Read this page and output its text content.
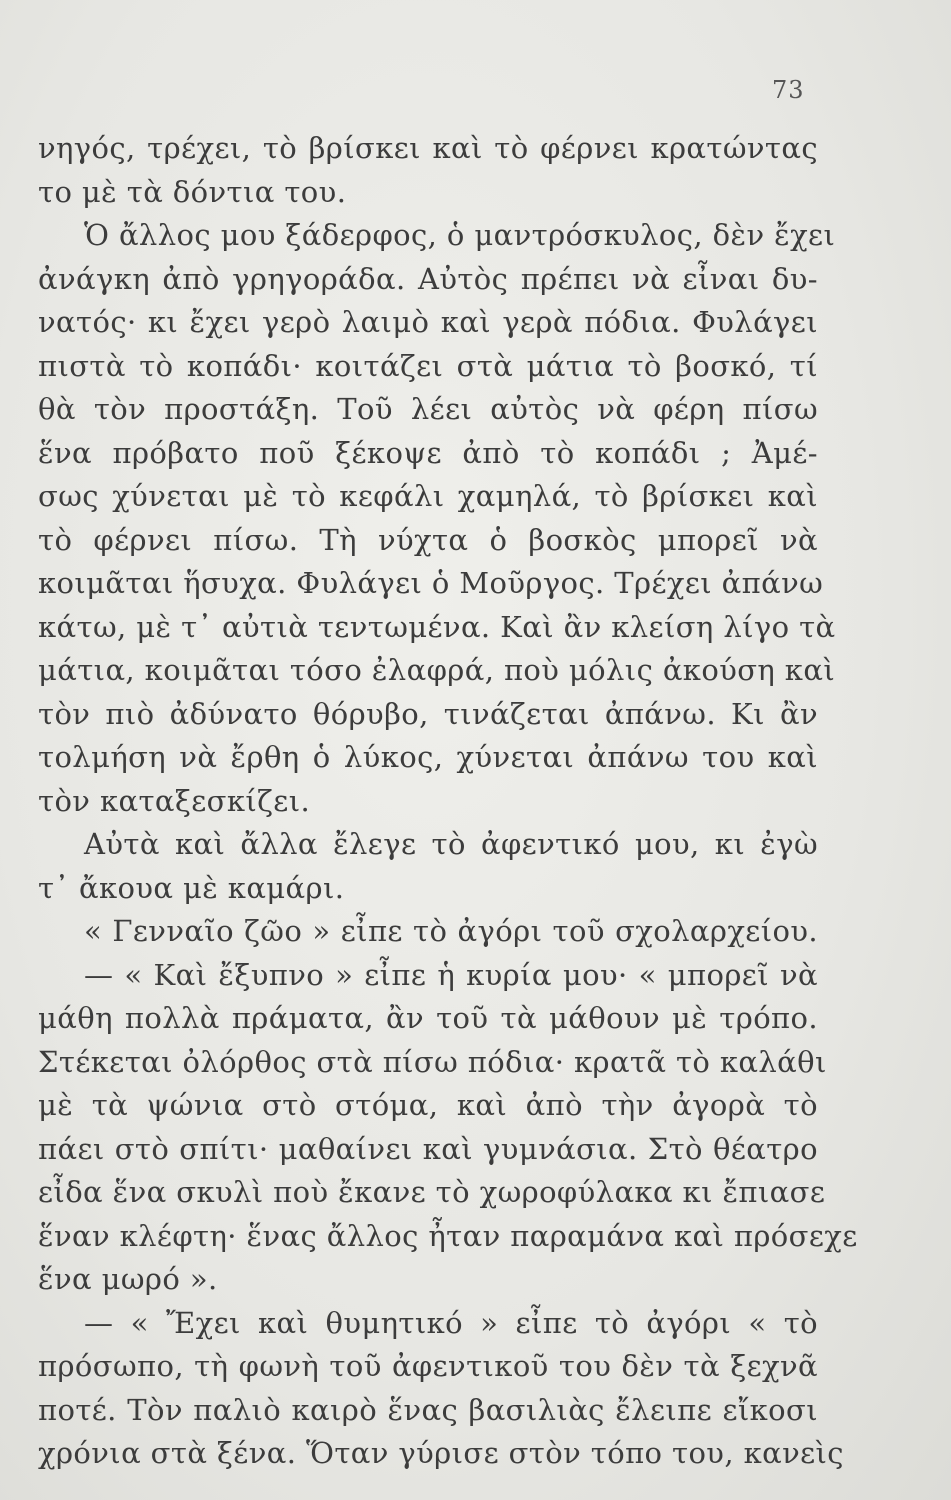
73
νηγός, τρέχει, τὸ βρίσκει καὶ τὸ φέρνει κρατώντας
το μὲ τὰ δόντια του.
Ὁ ἄλλος μου ξάδερφος, ὁ μαντρόσκυλος, δὲν ἔχει
ἀνάγκη ἀπὸ γρηγοράδα. Αὐτὸς πρέπει νὰ εἶναι δυ-
νατός· κι ἔχει γερὸ λαιμὸ καὶ γερὰ πόδια. Φυλάγει
πιστὰ τὸ κοπάδι· κοιτάζει στὰ μάτια τὸ βοσκό, τί
θὰ τὸν προστάξη. Τοῦ λέει αὐτὸς νὰ φέρη πίσω
ἕνα πρόβατο ποῦ ξέκοψε ἀπὸ τὸ κοπάδι ; Ἀμέ-
σως χύνεται μὲ τὸ κεφάλι χαμηλά, τὸ βρίσκει καὶ
τὸ φέρνει πίσω. Τὴ νύχτα ὁ βοσκὸς μπορεῖ νὰ
κοιμᾶται ἥσυχα. Φυλάγει ὁ Μοῦργος. Τρέχει ἀπάνω
κάτω, μὲ τ᾽ αὐτιὰ τεντωμένα. Καὶ ἂν κλείση λίγο τὰ
μάτια, κοιμᾶται τόσο ἐλαφρά, ποὺ μόλις ἀκούση καὶ
τὸν πιὸ ἀδύνατο θόρυβο, τινάζεται ἀπάνω. Κι ἂν
τολμήση νὰ ἔρθη ὁ λύκος, χύνεται ἀπάνω του καὶ
τὸν καταξεσκίζει.
Αὐτὰ καὶ ἄλλα ἔλεγε τὸ ἀφεντικό μου, κι ἐγὼ
τ᾽ ἄκουα μὲ καμάρι.
« Γενναῖο ζῶο » εἶπε τὸ ἀγόρι τοῦ σχολαρχείου.
— « Καὶ ἔξυπνο » εἶπε ἡ κυρία μου· « μπορεῖ νὰ
μάθη πολλὰ πράματα, ἂν τοῦ τὰ μάθουν μὲ τρόπο.
Στέκεται ὀλόρθος στὰ πίσω πόδια· κρατᾶ τὸ καλάθι
μὲ τὰ ψώνια στὸ στόμα, καὶ ἀπὸ τὴν ἀγορὰ τὸ
πάει στὸ σπίτι· μαθαίνει καὶ γυμνάσια. Στὸ θέατρο
εἶδα ἕνα σκυλὶ ποὺ ἔκανε τὸ χωροφύλακα κι ἔπιασε
ἕναν κλέφτη· ἕνας ἄλλος ἦταν παραμάνα καὶ πρόσεχε
ἕνα μωρό ».
— « Ἔχει καὶ θυμητικό » εἶπε τὸ ἀγόρι « τὸ
πρόσωπο, τὴ φωνὴ τοῦ ἀφεντικοῦ του δὲν τὰ ξεχνᾶ
ποτέ. Τὸν παλιὸ καιρὸ ἕνας βασιλιὰς ἔλειπε εἴκοσι
χρόνια στὰ ξένα. Ὅταν γύρισε στὸν τόπο του, κανεὶς
